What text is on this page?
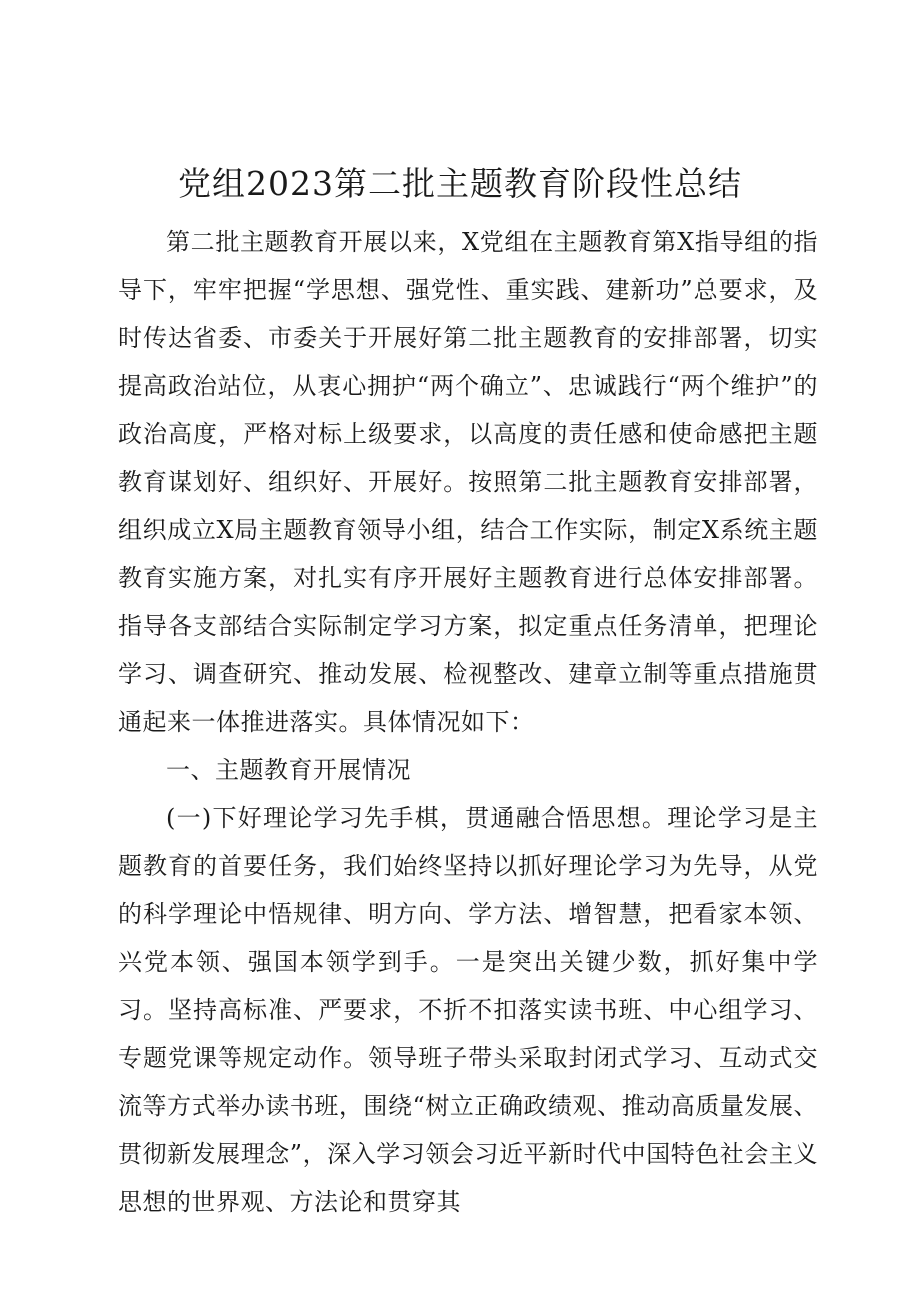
党组2023第二批主题教育阶段性总结

第二批主题教育开展以来，X党组在主题教育第X指导组的指导下，牢牢把握“学思想、强党性、重实践、建新功”总要求，及时传达省委、市委关于开展好第二批主题教育的安排部署，切实提高政治站位，从衷心拥护“两个确立”、忠诚践行“两个维护”的政治高度，严格对标上级要求，以高度的责任感和使命感把主题教育谋划好、组织好、开展好。按照第二批主题教育安排部署，组织成立X局主题教育领导小组，结合工作实际，制定X系统主题教育实施方案，对扎实有序开展好主题教育进行总体安排部署。指导各支部结合实际制定学习方案，拟定重点任务清单，把理论学习、调查研究、推动发展、检视整改、建章立制等重点措施贯通起来一体推进落实。具体情况如下：

一、主题教育开展情况

(一)下好理论学习先手棋，贯通融合悟思想。理论学习是主题教育的首要任务，我们始终坚持以抓好理论学习为先导，从党的科学理论中悟规律、明方向、学方法、增智慧，把看家本领、兴党本领、强国本领学到手。一是突出关键少数，抓好集中学习。坚持高标准、严要求，不折不扣落实读书班、中心组学习、专题党课等规定动作。领导班子带头采取封闭式学习、互动式交流等方式举办读书班，围绕“树立正确政绩观、推动高质量发展、贯彻新发展理念”，深入学习领会习近平新时代中国特色社会主义思想的世界观、方法论和贯穿其
